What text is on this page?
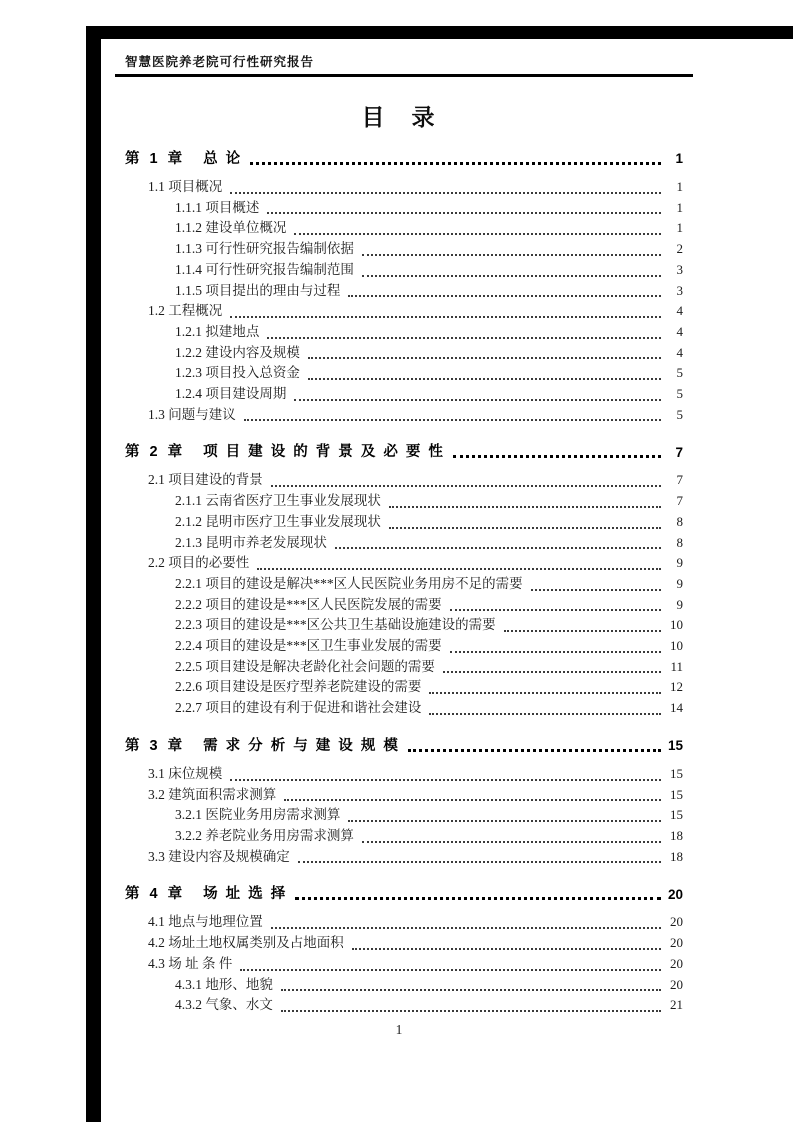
智慧医院养老院可行性研究报告
目　录
第 1 章 总 论	1
1.1 项目概况	1
1.1.1 项目概述	1
1.1.2 建设单位概况	1
1.1.3 可行性研究报告编制依据	2
1.1.4 可行性研究报告编制范围	3
1.1.5 项目提出的理由与过程	3
1.2 工程概况	4
1.2.1 拟建地点	4
1.2.2 建设内容及规模	4
1.2.3 项目投入总资金	5
1.2.4 项目建设周期	5
1.3 问题与建议	5
第 2 章 项 目 建 设 的 背 景 及 必 要 性	7
2.1 项目建设的背景	7
2.1.1 云南省医疗卫生事业发展现状	7
2.1.2 昆明市医疗卫生事业发展现状	8
2.1.3 昆明市养老发展现状	8
2.2 项目的必要性	9
2.2.1 项目的建设是解决***区人民医院业务用房不足的需要	9
2.2.2 项目的建设是***区人民医院发展的需要	9
2.2.3 项目的建设是***区公共卫生基础设施建设的需要	10
2.2.4 项目的建设是***区卫生事业发展的需要	10
2.2.5 项目建设是解决老龄化社会问题的需要	11
2.2.6 项目建设是医疗型养老院建设的需要	12
2.2.7 项目的建设有利于促进和谐社会建设	14
第 3 章 需 求 分 析 与 建 设 规 模	15
3.1 床位规模	15
3.2 建筑面积需求测算	15
3.2.1 医院业务用房需求测算	15
3.2.2 养老院业务用房需求测算	18
3.3 建设内容及规模确定	18
第 4 章 场 址 选 择	20
4.1 地点与地理位置	20
4.2 场址土地权属类别及占地面积	20
4.3 场 址 条 件	20
4.3.1 地形、地貌	20
4.3.2 气象、水文	21
1
